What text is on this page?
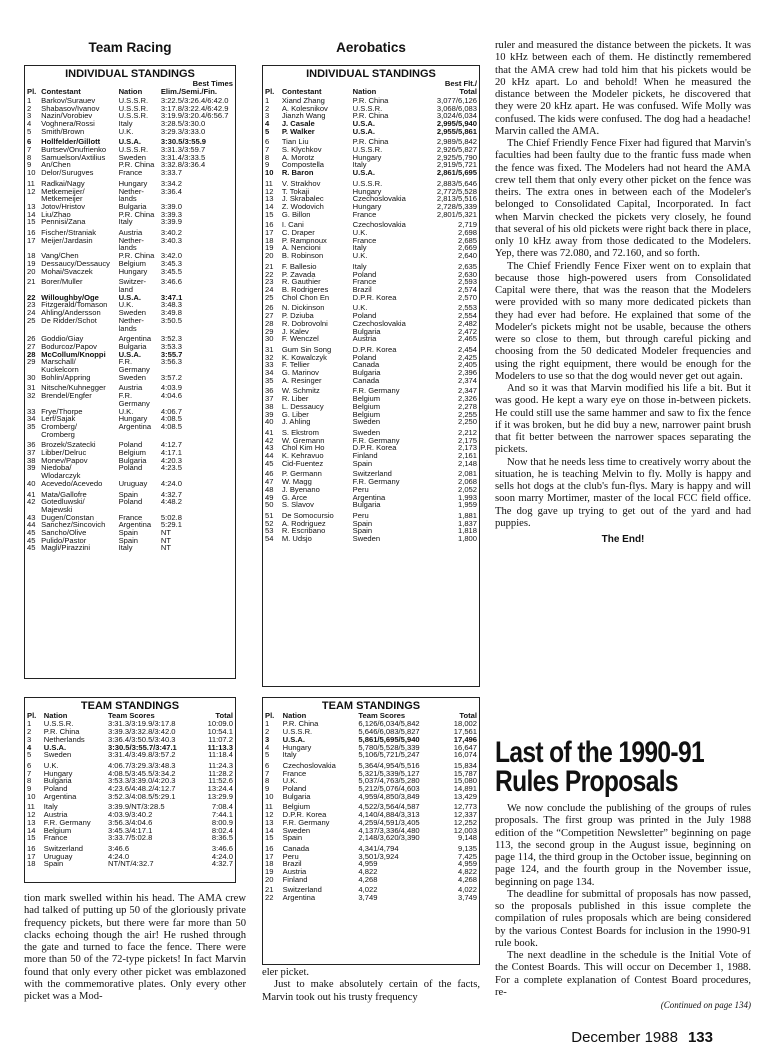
Team Racing	Aerobatics
INDIVIDUAL STANDINGS
			Best Times
Pl.	Contestant	Nation	Elim./Semi./Fin.
1	Barkov/Surauev	U.S.S.R.	3:22.5/3:26.4/6:42.0
2	Shabasov/Ivanov	U.S.S.R.	3:17.8/3:22.4/6:42.9
3	Nazin/Vorobiev	U.S.S.R.	3:19.9/3:20.4/6:56.7
4	Voghnera/Rossi	Italy	3:28.5/3:30.0
5	Smith/Brown	U.K.	3:29.3/3:33.0
6	Hollfelder/Gillott	U.S.A.	3:30.5/3:55.9
7	Burtsev/Onufrienko	U.S.S.R.	3:31.3/3:59.7
8	Samuelson/Axtilius	Sweden	3:31.4/3:33.5
9	An/Chen	P.R. China	3:32.8/3:36.4
10	Delor/Surugves	France	3:33.7
11	Radkai/Nagy	Hungary	3:34.2
12	Metkemeijer/	Nether-	3:36.4
	Metkemeijer	lands	
13	Jotov/Hristov	Bulgaria	3:39.0
14	Liu/Zhao	P.R. China	3:39.3
15	Pennisi/Zana	Italy	3:39.9
16	Fischer/Straniak	Austria	3:40.2
17	Meijer/Jardasin	Nether-	3:40.3
		lands	
18	Vang/Chen	P.R. China	3:42.0
19	Dessaucy/Dessaucy	Belgium	3:45.3
20	Mohai/Svaczek	Hungary	3:45.5
21	Borer/Muller	Switzer-	3:46.6
		land	
22	Willoughby/Oge	U.S.A.	3:47.1
23	Fitzgerald/Tomason	U.K.	3:48.3
24	Ahling/Andersson	Sweden	3:49.8
25	De Ridder/Schot	Nether-	3:50.5
		lands	
26	Goddio/Giay	Argentina	3:52.3
27	Bodurcoz/Papov	Bulgaria	3:53.3
28	McCollum/Knoppi	U.S.A.	3:55.7
29	Marschall/	F.R.	3:56.3
	Kuckelcorn	Germany	
30	Bohlin/Appring	Sweden	3:57.2
31	Nitsche/Kuhnegger	Austria	4:03.9
32	Brendel/Engfer	F.R.	4:04.6
		Germany	
33	Frye/Thorpe	U.K.	4:06.7
34	Lerf/Sajak	Hungary	4:08.5
35	Cromberg/	Argentina	4:08.5
	Cromberg		
36	Brozek/Szatecki	Poland	4:12.7
37	Libber/Delruc	Belgium	4:17.1
38	Monev/Papov	Bulgaria	4:20.3
39	Niedoba/	Poland	4:23.5
	Wlodarczyk		
40	Acevedo/Acevedo	Uruguay	4:24.0
41	Mata/Gallofre	Spain	4:32.7
42	Gotedluwski/	Poland	4:48.2
	Majewski		
43	Dugen/Constan	France	5:02.8
44	Sanchez/Sincovich	Argentina	5:29.1
45	Sancho/Olive	Spain	NT
45	Pulido/Pastor	Spain	NT
45	Magli/Pirazzini	Italy	NT
TEAM STANDINGS
Pl.	Nation	Team Scores	Total
1	U.S.S.R.	3:31.3/3:19.9/3:17.8	10:09.0
2	P.R. China	3:39.3/3:32.8/3:42.0	10:54.1
3	Netherlands	3:36.4/3:50.5/3:40.3	11:07.2
4	U.S.A.	3:30.5/3:55.7/3:47.1	11:13.3
5	Sweden	3:31.4/3:49.8/3:57.2	11:18.4
6	U.K.	4:06.7/3:29.3/3:48.3	11:24.3
7	Hungary	4:08.5/3:45.5/3:34.2	11:28.2
8	Bulgaria	3:53.3/3:39.0/4:20.3	11:52.6
9	Poland	4:23.6/4:48.2/4:12.7	13:24.4
10	Argentina	3:52.3/4:08.5/5:29.1	13:29.9
11	Italy	3:39.9/NT/3:28.5	7:08.4
12	Austria	4:03.9/3:40.2	7:44.1
13	F.R. Germany	3:56.3/4:04.6	8:00.9
14	Belgium	3:45.3/4:17.1	8:02.4
15	France	3:33.7/5:02.8	8:36.5
16	Switzerland	3:46.6	3:46.6
17	Uruguay	4:24.0	4:24.0
18	Spain	NT/NT/4:32.7	4:32.7
INDIVIDUAL STANDINGS
			Best Flt./
Pl.	Contestant	Nation	Total
1	Xiand Zhang	P.R. China	3,077/6,126
2	A. Kolesnikov	U.S.S.R.	3,068/6,083
3	Jianzh Wang	P.R. China	3,024/6,034
4	J. Casale	U.S.A.	2,995/5,940
5	P. Walker	U.S.A.	2,955/5,861
6	Tian Liu	P.R. China	2,989/5,842
7	S. Klychkov	U.S.S.R.	2,926/5,827
8	A. Morotz	Hungary	2,925/5,790
9	Compostella	Italy	2,919/5,721
10	R. Baron	U.S.A.	2,861/5,695
11	V. Strakhov	U.S.S.R.	2,883/5,646
12	T. Tokaji	Hungary	2,772/5,528
13	J. Skrabalec	Czechoslovakia	2,813/5,516
14	Z. Wodovich	Hungary	2,728/5,339
15	G. Billon	France	2,801/5,321
16	I. Cani	Czechoslovakia	2,719
17	C. Draper	U.K.	2,698
18	P. Rampnoux	France	2,685
19	A. Nencioni	Italy	2,669
20	B. Robinson	U.K.	2,640
21	F. Ballesio	Italy	2,635
22	P. Zavada	Poland	2,630
23	R. Gauthier	France	2,593
24	B. Rodrigeres	Brazil	2,574
25	Chol Chon En	D.P.R. Korea	2,570
26	N. Dickinson	U.K.	2,553
27	P. Dziuba	Poland	2,554
28	R. Dobrovolni	Czechoslovakia	2,482
29	J. Kalev	Bulgaria	2,472
30	F. Wenczel	Austria	2,465
31	Gum Sin Song	D.P.R. Korea	2,454
32	K. Kowalczyk	Poland	2,425
33	F. Tellier	Canada	2,405
34	G. Marinov	Bulgaria	2,396
35	A. Resinger	Canada	2,374
36	W. Schmitz	F.R. Germany	2,347
37	R. Liber	Belgium	2,326
38	L. Dessaucy	Belgium	2,278
39	G. Liber	Belgium	2,255
40	J. Ahling	Sweden	2,250
41	S. Ekstrom	Sweden	2,212
42	W. Gremann	F.R. Germany	2,175
43	Chol Kim Ho	D.P.R. Korea	2,173
44	K. Kehravuo	Finland	2,161
45	Cid-Fuentez	Spain	2,148
46	P. Germann	Switzerland	2,081
47	W. Magg	F.R. Germany	2,068
48	J. Byenano	Peru	2,052
49	G. Arce	Argentina	1,993
50	S. Slavov	Bulgaria	1,959
51	De Somocursio	Peru	1,881
52	A. Rodriguez	Spain	1,837
53	R. Escribano	Spain	1,818
54	M. Udsjo	Sweden	1,800
TEAM STANDINGS
Pl.	Nation	Team Scores	Total
1	P.R. China	6,126/6,034/5,842	18,002
2	U.S.S.R.	5,646/6,083/5,827	17,561
3	U.S.A.	5,861/5,695/5,940	17,496
4	Hungary	5,780/5,528/5,339	16,647
5	Italy	5,106/5,721/5,247	16,074
6	Czechoslovakia	5,364/4,954/5,516	15,834
7	France	5,321/5,339/5,127	15,787
8	U.K.	5,037/4,763/5,280	15,080
9	Poland	5,212/5,076/4,603	14,891
10	Bulgaria	4,959/4,850/3,849	13,429
11	Belgium	4,522/3,564/4,587	12,773
12	D.P.R. Korea	4,140/4,884/3,313	12,337
13	F.R. Germany	4,259/4,591/3,405	12,252
14	Sweden	4,137/3,336/4,480	12,003
15	Spain	2,148/3,620/3,390	9,148
16	Canada	4,341/4,794	9,135
17	Peru	3,501/3,924	7,425
18	Brazil	4,959	4,959
19	Austria	4,822	4,822
20	Finland	4,268	4,268
21	Switzerland	4,022	4,022
22	Argentina	3,749	3,749

tion mark swelled within his head. The AMA crew had talked of putting up 50 of the gloriously private frequency pickets, but there were far more than 50 clacks echoing though the air! He rushed through the gate and turned to face the fence. There were more than 50 of the 72-type pickets! In fact Marvin found that only every other picket was emblazoned with the commemorative plates. Only every other picket was a Mod-

eler picket.

Just to make absolutely certain of the facts, Marvin took out his trusty frequency

ruler and measured the distance between the pickets. It was 10 kHz between each of them. He distinctly remembered that the AMA crew had told him that his pickets would be 20 kHz apart. Lo and behold! When he measured the distance between the Modeler pickets, he discovered that they were 20 kHz apart. He was confused. Wife Molly was confused. The kids were confused. The dog had a headache! Marvin called the AMA.

The Chief Friendly Fence Fixer had figured that Marvin's faculties had been faulty due to the frantic fuss made when the fence was fixed. The Modelers had not heard the AMA crew tell them that only every other picket on the fence was theirs. The extra ones in between each of the Modeler's belonged to Consolidated Capital, Incorporated. In fact when Marvin checked the pickets very closely, he found that several of his old pickets were right back there in place, only 10 kHz away from those dedicated to the Modelers. Yep, there was 72.080, and 72.160, and so forth.

The Chief Friendly Fence Fixer went on to explain that because those high-powered users from Consolidated Capital were there, that was the reason that the Modelers were provided with so many more dedicated pickets than they had ever had before. He explained that some of the Modeler's pickets might not be usable, because the others were so close to them, but through careful picking and choosing from the 50 dedicated Modeler frequencies and using the right equipment, there would be enough for the Modelers to use so that the dog would never get out again.

And so it was that Marvin modified his life a bit. But it was good. He kept a wary eye on those in-between pickets. He could still use the same hammer and saw to fix the fence if it was broken, but he did buy a new, narrower paint brush that fit better between the narrower spaces separating the pickets.

Now that he needs less time to creatively worry about the situation, he is teaching Melvin to fly. Molly is happy and sells hot dogs at the club's fun-flys. Mary is happy and will soon marry Mortimer, master of the local FCC field office. The dog gave up trying to get out of the yard and had puppies.

The End!
Last of the 1990-91
Rules Proposals

We now conclude the publishing of the groups of rules proposals. The first group was printed in the July 1988 edition of the “Competition Newsletter” beginning on page 113, the second group in the August issue, beginning on page 114, the third group in the October issue, beginning on page 124, and the fourth group in the November issue, beginning on page 134.

The deadline for submittal of proposals has now passed, so the proposals published in this issue complete the compilation of rules proposals which are being considered by the various Contest Boards for inclusion in the 1990-91 rule book.

The next deadline in the schedule is the Initial Vote of the Contest Boards. This will occur on December 1, 1988. For a complete explanation of Contest Board procedures, re-

(Continued on page 134)
December 1988 133
